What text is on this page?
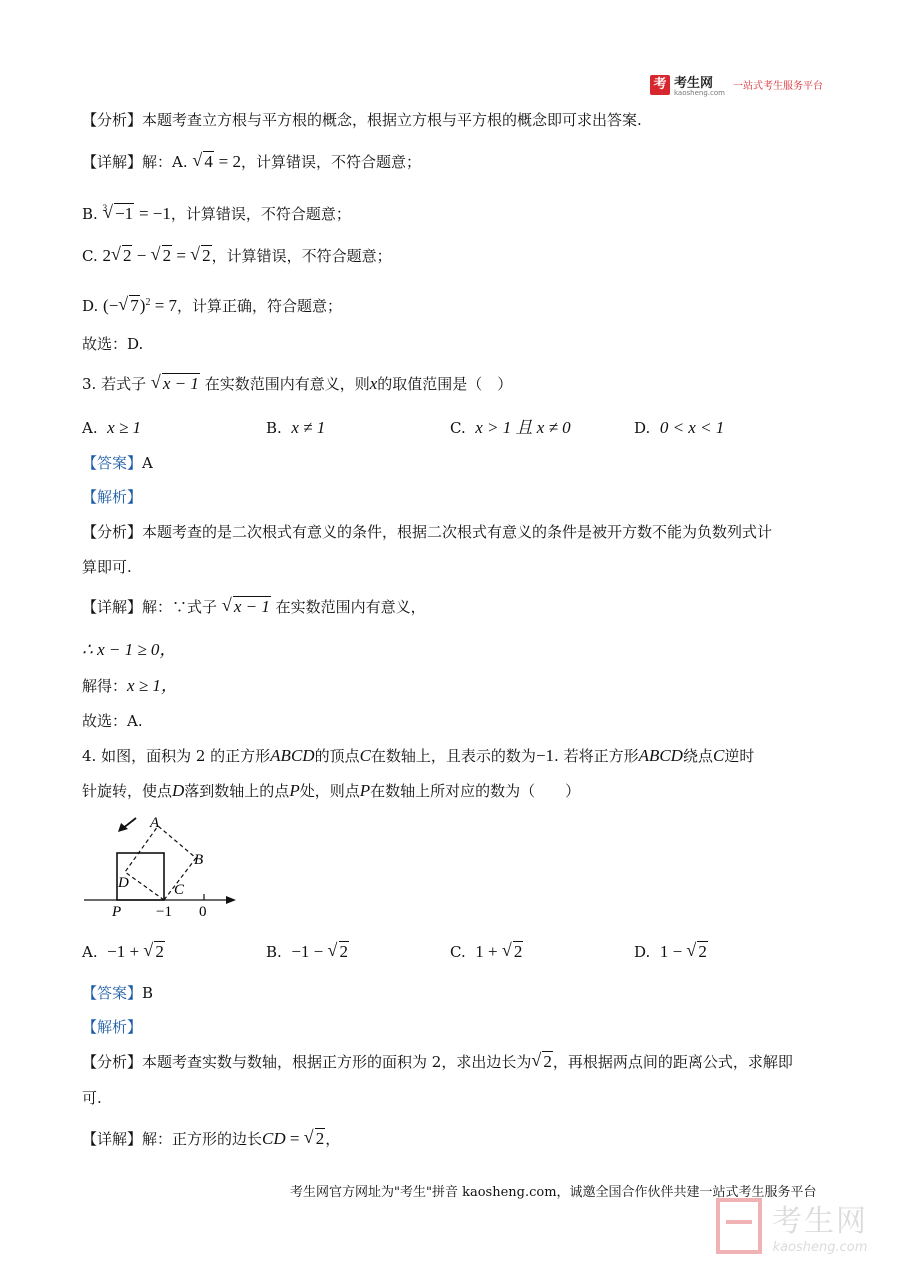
考 考生网
kaosheng.com
一站式考生服务平台
【分析】本题考查立方根与平方根的概念，根据立方根与平方根的概念即可求出答案.
【详解】解：A. √ 4 = 2，计算错误，不符合题意；
B. $^3$ √ −1 = −1，计算错误，不符合题意；
C. 2 √ 2 − √ 2 = √ 2，计算错误，不符合题意；
D. (− √ 7)$^2$ = 7，计算正确，符合题意；
故选：D.
3. 若式子 √ x − 1 在实数范围内有意义，则x的取值范围是（　）
A. x ≥ 1	B. x ≠ 1	C. x > 1 且 x ≠ 0	D. 0 < x < 1
【答案】A
【解析】
【分析】本题考查的是二次根式有意义的条件，根据二次根式有意义的条件是被开方数不能为负数列式计
算即可.
【详解】解：∵式子 √ x − 1 在实数范围内有意义，
∴ x − 1 ≥ 0，
解得：x ≥ 1，
故选：A.
4. 如图，面积为 2 的正方形ABCD的顶点C在数轴上，且表示的数为−1. 若将正方形ABCD绕点C逆时
针旋转，使点D落到数轴上的点P处，则点P在数轴上所对应的数为（　　）
A
B
C
D
P −1 0
A. −1 + √ 2	B. −1 − √ 2	C. 1 + √ 2	D. 1 − √ 2
【答案】B
【解析】
【分析】本题考查实数与数轴，根据正方形的面积为 2，求出边长为 √ 2，再根据两点间的距离公式，求解即
可.
【详解】解：正方形的边长CD = √ 2，
考生网官方网址为"考生"拼音 kaosheng.com，诚邀全国合作伙伴共建一站式考生服务平台
考生网
kaosheng.com
